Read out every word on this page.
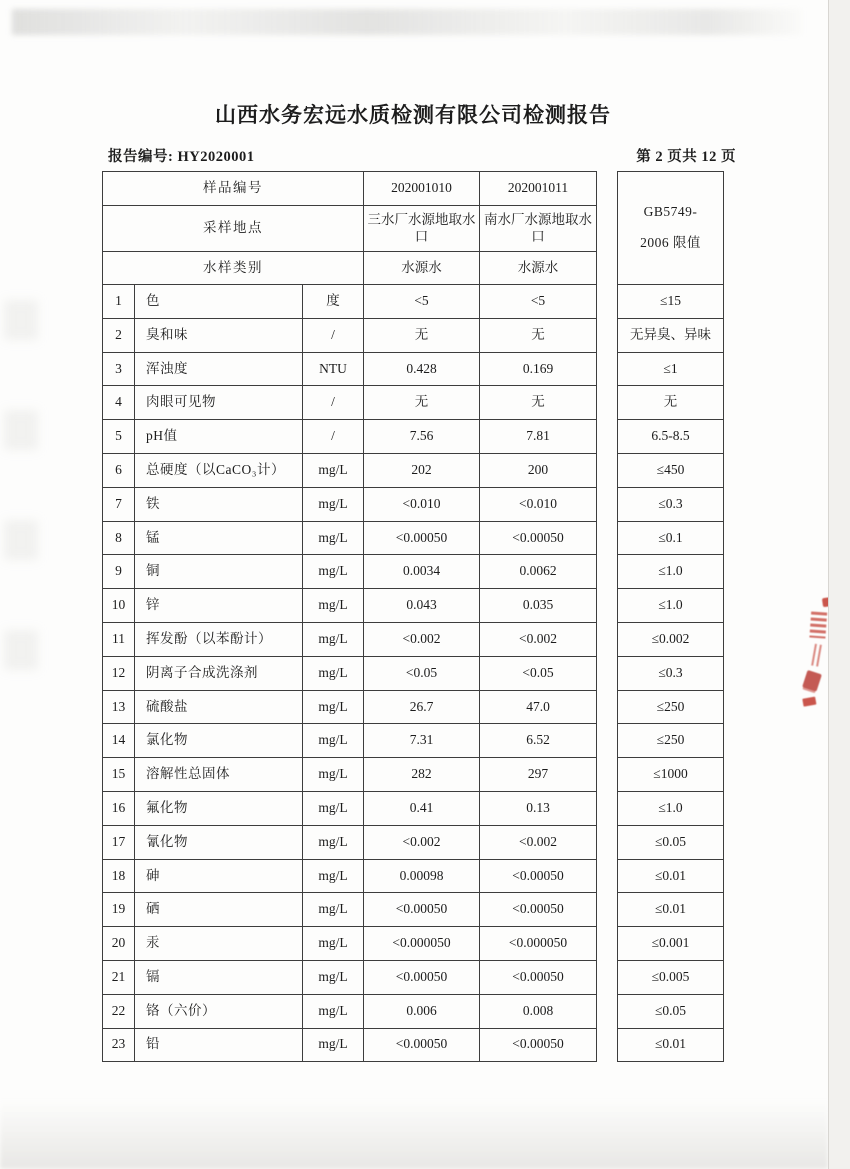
山西水务宏远水质检测有限公司检测报告
报告编号: HY2020001	第 2 页共 12 页
样品编号			202001010	202001011		GB5749-
2006 限值

采样地点			三水厂水源地取水口	南水厂水源地取水口		
水样类别			水源水	水源水		
1	色	度	<5	<5		≤15
2	臭和味	/	无	无		无异臭、异味
3	浑浊度	NTU	0.428	0.169		≤1
4	肉眼可见物	/	无	无		无
5	pH值	/	7.56	7.81		6.5-8.5
6	总硬度（以CaCO₃计）	mg/L	202	200		≤450
7	铁	mg/L	<0.010	<0.010		≤0.3
8	锰	mg/L	<0.00050	<0.00050		≤0.1
9	铜	mg/L	0.0034	0.0062		≤1.0
10	锌	mg/L	0.043	0.035		≤1.0
11	挥发酚（以苯酚计）	mg/L	<0.002	<0.002		≤0.002
12	阴离子合成洗涤剂	mg/L	<0.05	<0.05		≤0.3
13	硫酸盐	mg/L	26.7	47.0		≤250
14	氯化物	mg/L	7.31	6.52		≤250
15	溶解性总固体	mg/L	282	297		≤1000
16	氟化物	mg/L	0.41	0.13		≤1.0
17	氰化物	mg/L	<0.002	<0.002		≤0.05
18	砷	mg/L	0.00098	<0.00050		≤0.01
19	硒	mg/L	<0.00050	<0.00050		≤0.01
20	汞	mg/L	<0.000050	<0.000050		≤0.001
21	镉	mg/L	<0.00050	<0.00050		≤0.005
22	铬（六价）	mg/L	0.006	0.008		≤0.05
23	铅	mg/L	<0.00050	<0.00050		≤0.01
